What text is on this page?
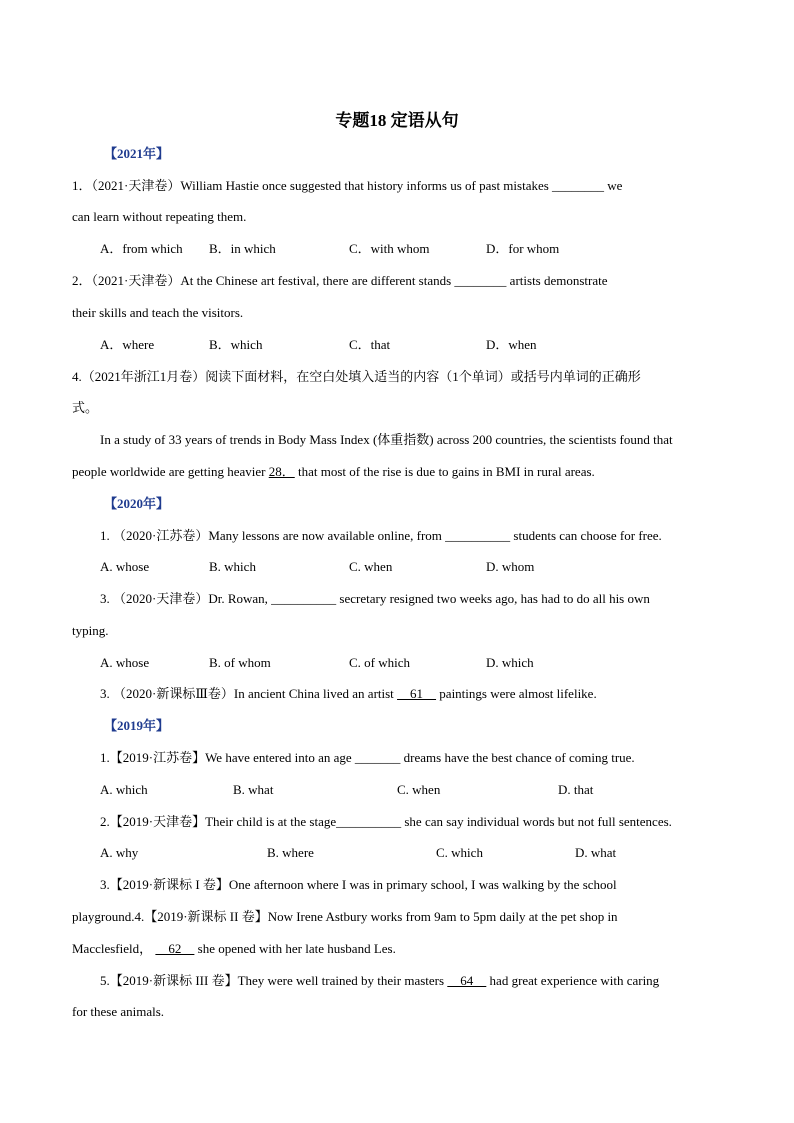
专题18 定语从句
【2021年】
1．（2021·天津卷）William Hastie once suggested that history informs us of past mistakes ________ we
can learn without repeating them.
A．from which B．in which	C．with whom	D．for whom
2．（2021·天津卷）At the Chinese art festival, there are different stands ________ artists demonstrate
their skills and teach the visitors.
A．where	B．which	C．that	D．when
4.（2021年浙江1月卷）阅读下面材料，在空白处填入适当的内容（1个单词）或括号内单词的正确形
式。
In a study of 33 years of trends in Body Mass Index (体重指数) across 200 countries, the scientists found that
people worldwide are getting heavier 28． that most of the rise is due to gains in BMI in rural areas.
【2020年】
1. （2020·江苏卷）Many lessons are now available online, from __________ students can choose for free.
A. whose	B. which	C. when	D. whom
3. （2020·天津卷）Dr. Rowan, __________ secretary resigned two weeks ago, has had to do all his own
typing.
A. whose	B. of whom	C. of which	D. which
3. （2020·新课标Ⅲ卷）In ancient China lived an artist     61     paintings were almost lifelike.
【2019年】
1.【2019·江苏卷】We have entered into an age _______ dreams have the best chance of coming true.
A. which	B. what	C. when	D. that
2.【2019·天津卷】Their child is at the stage__________ she can say individual words but not full sentences.
A. why	B. where	C. which	D. what
3.【2019·新课标 I 卷】One afternoon where I was in primary school, I was walking by the school
playground.4.【2019·新课标 II 卷】Now Irene Astbury works from 9am to 5pm daily at the pet shop in
Macclesfield，     62     she opened with her late husband Les.
5.【2019·新课标 III 卷】They were well trained by their masters     64     had great experience with caring
for these animals.
